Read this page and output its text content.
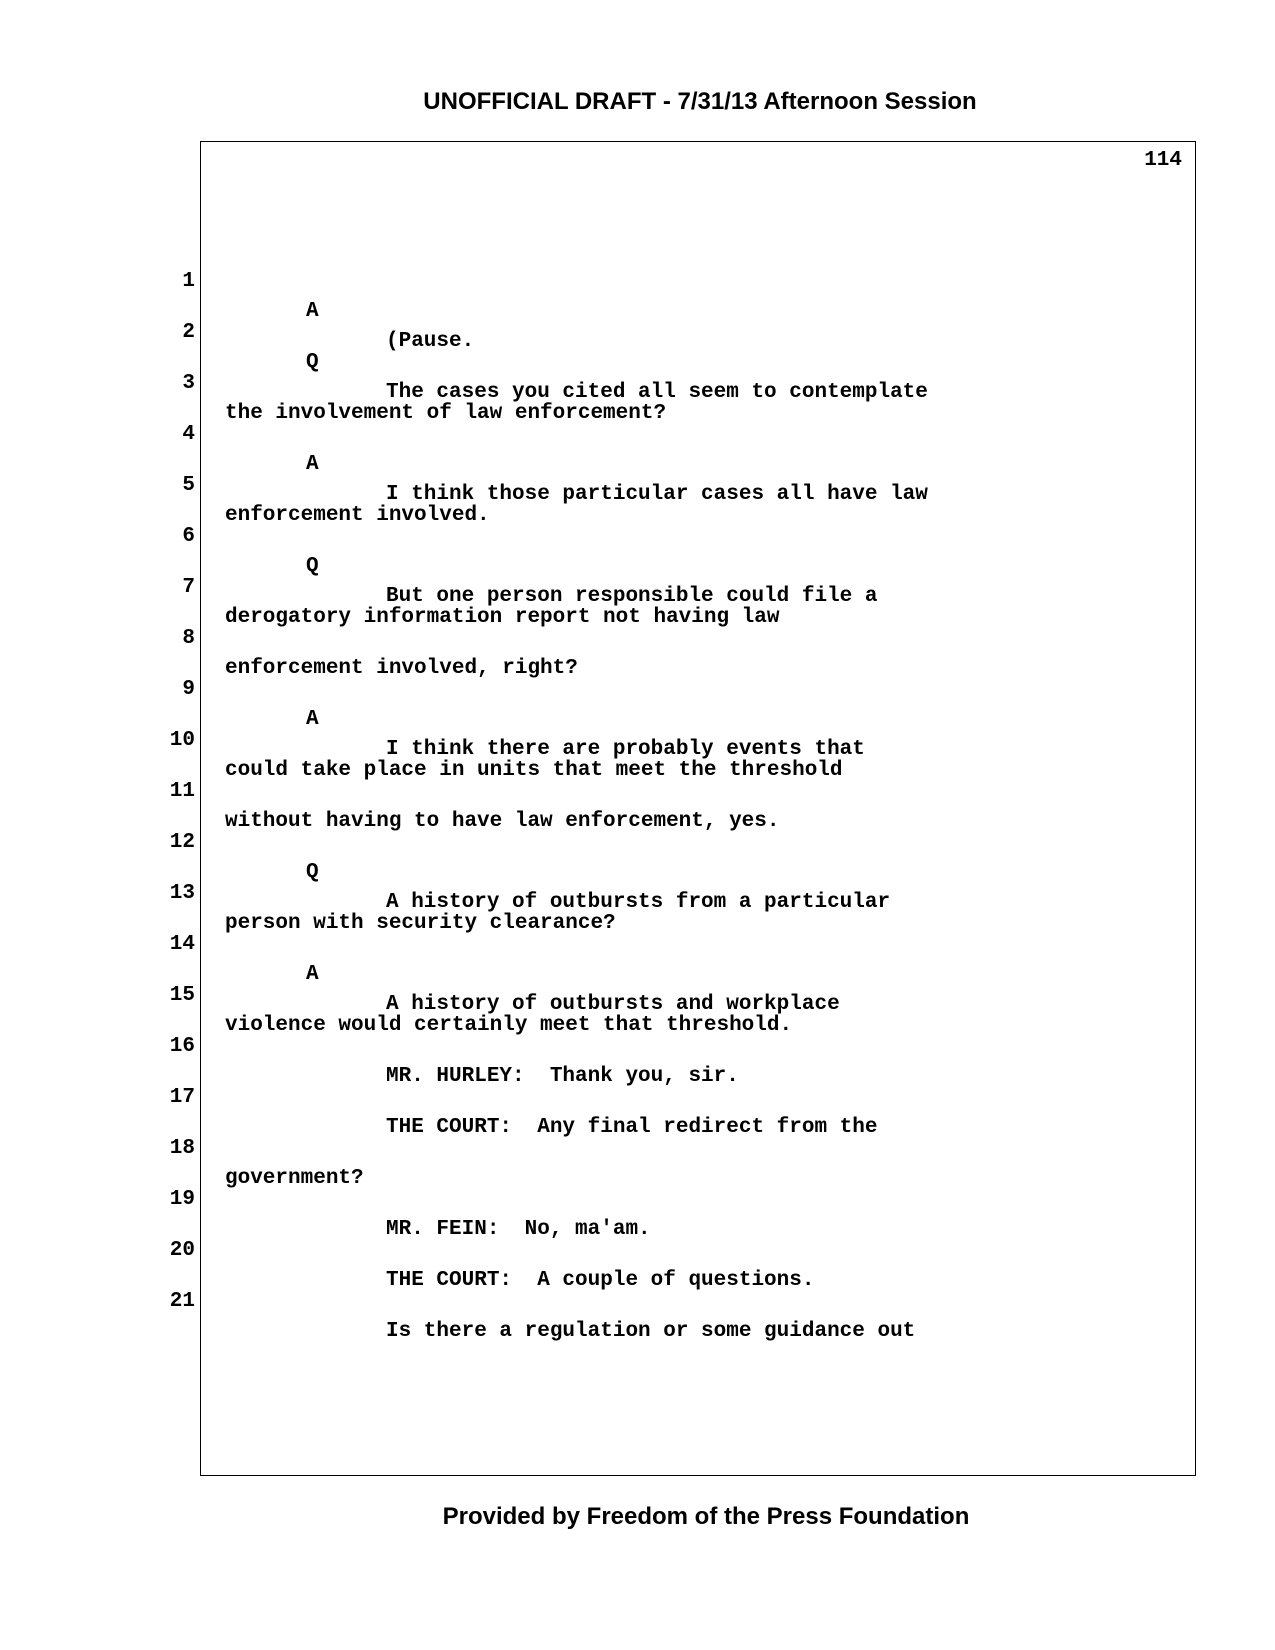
UNOFFICIAL DRAFT - 7/31/13 Afternoon Session
114

1

A

(Pause.

2

Q

The cases you cited all seem to contemplate

3

the involvement of law enforcement?

4

A

I think those particular cases all have law

5

enforcement involved.

6

Q

But one person responsible could file a

7

derogatory information report not having law

8

enforcement involved, right?

9

A

I think there are probably events that

10

could take place in units that meet the threshold

11

without having to have law enforcement, yes.

12

Q

A history of outbursts from a particular

13

person with security clearance?

14

A

A history of outbursts and workplace

15

violence would certainly meet that threshold.

16

MR. HURLEY:  Thank you, sir.

17

THE COURT:  Any final redirect from the

18

government?

19

MR. FEIN:  No, ma'am.

20

THE COURT:  A couple of questions.

21

Is there a regulation or some guidance out

Provided by Freedom of the Press Foundation
